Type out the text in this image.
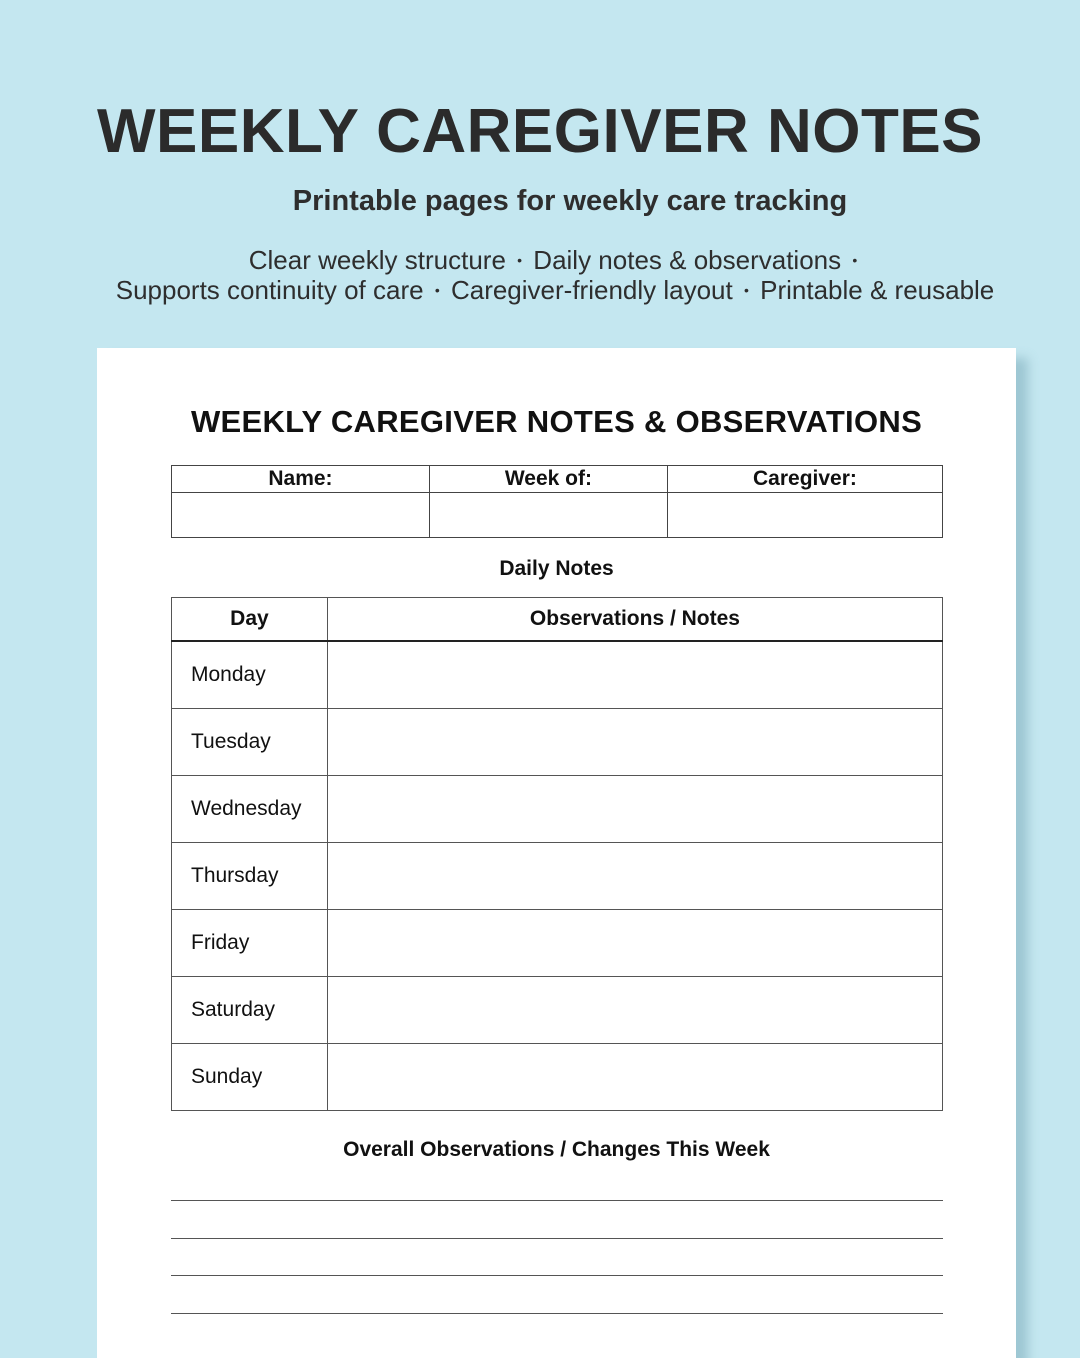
WEEKLY CAREGIVER NOTES
Printable pages for weekly care tracking
Clear weekly structure • Daily notes & observations •
Supports continuity of care • Caregiver-friendly layout • Printable & reusable
WEEKLY CAREGIVER NOTES & OBSERVATIONS
Name:	Week of:	Caregiver:

Daily Notes
Day	Observations / Notes
Monday	
Tuesday	
Wednesday	
Thursday	
Friday	
Saturday	
Sunday	
Overall Observations / Changes This Week
